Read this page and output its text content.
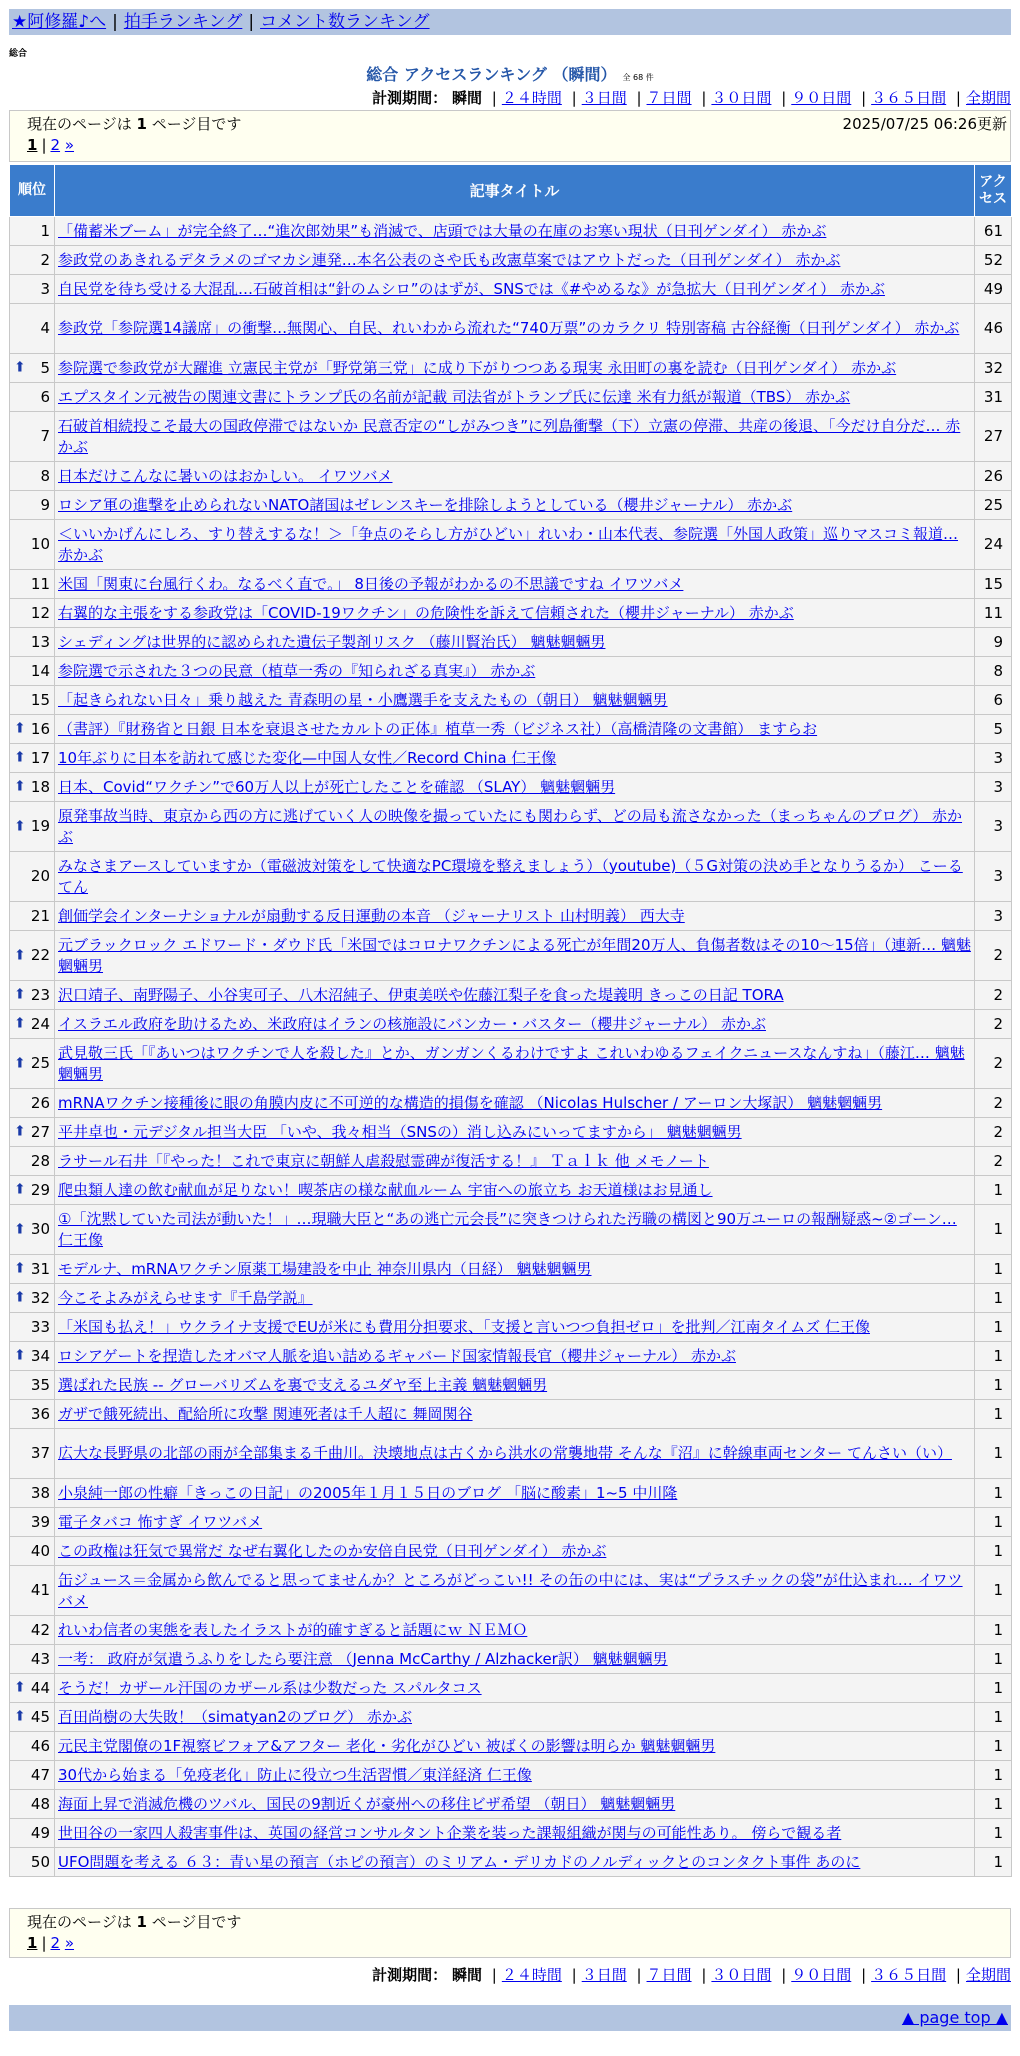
★阿修羅♪へ | 拍手ランキング | コメント数ランキング
総合
総合 アクセスランキング （瞬間） 全 68 件
計測期間： 瞬間 | ２４時間 | ３日間 | ７日間 | ３０日間 | ９０日間 | ３６５日間 | 全期間
現在のページは 1 ページ目です	2025/07/25 06:26更新
1 | 2 »
順位	記事タイトル	アクセス
1	「備蓄米ブーム」が完全終了…“進次郎効果”も消滅で、店頭では大量の在庫のお寒い現状（日刊ゲンダイ） 赤かぶ	61
2	参政党のあきれるデタラメのゴマカシ連発…本名公表のさや氏も改憲草案ではアウトだった（日刊ゲンダイ） 赤かぶ	52
3	自民党を待ち受ける大混乱…石破首相は“針のムシロ”のはずが、SNSでは《#やめるな》が急拡大（日刊ゲンダイ） 赤かぶ	49
4	参政党「参院選14議席」の衝撃…無関心、自民、れいわから流れた“740万票”のカラクリ 特別寄稿 古谷経衡（日刊ゲンダイ） 赤かぶ	46

⬆ 5	参院選で参政党が大躍進 立憲民主党が「野党第三党」に成り下がりつつある現実 永田町の裏を読む（日刊ゲンダイ） 赤かぶ	32
6	エプスタイン元被告の関連文書にトランプ氏の名前が記載 司法省がトランプ氏に伝達 米有力紙が報道（TBS） 赤かぶ	31
7	石破首相続投こそ最大の国政停滞ではないか 民意否定の“しがみつき”に列島衝撃（下）立憲の停滞、共産の後退、「今だけ自分だ… 赤かぶ	27
8	日本だけこんなに暑いのはおかしい。 イワツバメ	26
9	ロシア軍の進撃を止められないNATO諸国はゼレンスキーを排除しようとしている（櫻井ジャーナル） 赤かぶ	25
10	＜いいかげんにしろ、すり替えするな！＞「争点のそらし方がひどい」れいわ・山本代表、参院選「外国人政策」巡りマスコミ報道… 赤かぶ	24
11	米国「関東に台風行くわ。なるべく直で。」 8日後の予報がわかるの不思議ですね イワツバメ	15
12	右翼的な主張をする参政党は「COVID-19ワクチン」の危険性を訴えて信頼された（櫻井ジャーナル） 赤かぶ	11
13	シェディングは世界的に認められた遺伝子製剤リスク （藤川賢治氏） 魑魅魍魎男	9
14	参院選で示された３つの民意（植草一秀の『知られざる真実』） 赤かぶ	8
15	「起きられない日々」乗り越えた 青森明の星・小鷹選手を支えたもの（朝日） 魑魅魍魎男	6

⬆ 16	（書評）『財務省と日銀 日本を衰退させたカルトの正体』植草一秀（ビジネス社）（高橋清隆の文書館） ますらお	5

⬆ 17	10年ぶりに日本を訪れて感じた変化—中国人女性／Record China 仁王像	3

⬆ 18	日本、Covid“ワクチン”で60万人以上が死亡したことを確認 （SLAY） 魑魅魍魎男	3

⬆ 19	原発事故当時、東京から西の方に逃げていく人の映像を撮っていたにも関わらず、どの局も流さなかった（まっちゃんのブログ） 赤かぶ	3
20	みなさまアースしていますか（電磁波対策をして快適なPC環境を整えましょう）（youtube)（５G対策の決め手となりうるか） こーるてん	3
21	創価学会インターナショナルが扇動する反日運動の本音 （ジャーナリスト 山村明義） 西大寺	3

⬆ 22	元ブラックロック エドワード・ダウド氏「米国ではコロナワクチンによる死亡が年間20万人、負傷者数はその10～15倍」（連新… 魑魅魍魎男	2

⬆ 23	沢口靖子、南野陽子、小谷実可子、八木沼純子、伊東美咲や佐藤江梨子を食った堤義明 きっこの日記 TORA	2

⬆ 24	イスラエル政府を助けるため、米政府はイランの核施設にバンカー・バスター（櫻井ジャーナル） 赤かぶ	2

⬆ 25	武見敬三氏「『あいつはワクチンで人を殺した』とか、ガンガンくるわけですよ これいわゆるフェイクニュースなんすね」（藤江… 魑魅魍魎男	2
26	mRNAワクチン接種後に眼の角膜内皮に不可逆的な構造的損傷を確認 （Nicolas Hulscher / アーロン大塚訳） 魑魅魍魎男	2

⬆ 27	平井卓也・元デジタル担当大臣 「いや、我々相当（SNSの）消し込みにいってますから」 魑魅魍魎男	2
28	ラサール石井「『やった！これで東京に朝鮮人虐殺慰霊碑が復活する！』 Ｔａｌｋ 他 メモノート	2

⬆ 29	爬虫類人達の飲む献血が足りない！喫茶店の様な献血ルーム 宇宙への旅立ち お天道様はお見通し	1

⬆ 30	①「沈黙していた司法が動いた！」…現職大臣と“あの逃亡元会長”に突きつけられた汚職の構図と90万ユーロの報酬疑惑~②ゴーン… 仁王像	1

⬆ 31	モデルナ、mRNAワクチン原薬工場建設を中止 神奈川県内（日経） 魑魅魍魎男	1

⬆ 32	今こそよみがえらせます『千島学説』	1
33	「米国も払え！」ウクライナ支援でEUが米にも費用分担要求、「支援と言いつつ負担ゼロ」を批判／江南タイムズ 仁王像	1

⬆ 34	ロシアゲートを捏造したオバマ人脈を追い詰めるギャバード国家情報長官（櫻井ジャーナル） 赤かぶ	1
35	選ばれた民族 -- グローバリズムを裏で支えるユダヤ至上主義 魑魅魍魎男	1
36	ガザで餓死続出、配給所に攻撃 関連死者は千人超に 舞岡関谷	1
37	広大な長野県の北部の雨が全部集まる千曲川。決壊地点は古くから洪水の常襲地帯 そんな『沼』に幹線車両センター てんさい（い）	1
38	小泉純一郎の性癖「きっこの日記」の2005年１月１５日のブログ 「脳に酸素」1~5 中川隆	1
39	電子タバコ 怖すぎ イワツバメ	1
40	この政権は狂気で異常だ なぜ右翼化したのか安倍自民党（日刊ゲンダイ） 赤かぶ	1
41	缶ジュース＝金属から飲んでると思ってませんか？ところがどっこい!! その缶の中には、実は“プラスチックの袋”が仕込まれ… イワツバメ	1
42	れいわ信者の実態を表したイラストが的確すぎると話題にｗ ＮＥＭＯ	1
43	一考： 政府が気遣うふりをしたら要注意 （Jenna McCarthy / Alzhacker訳） 魑魅魍魎男	1

⬆ 44	そうだ！カザール汗国のカザール系は少数だった スパルタコス	1

⬆ 45	百田尚樹の大失敗！（simatyan2のブログ） 赤かぶ	1
46	元民主党閣僚の1F視察ビフォア&アフター 老化・劣化がひどい 被ばくの影響は明らか 魑魅魍魎男	1
47	30代から始まる「免疫老化」防止に役立つ生活習慣／東洋経済 仁王像	1
48	海面上昇で消滅危機のツバル、国民の9割近くが豪州への移住ビザ希望 （朝日） 魑魅魍魎男	1
49	世田谷の一家四人殺害事件は、英国の経営コンサルタント企業を装った課報組織が関与の可能性あり。 傍らで観る者	1
50	UFO問題を考える ６３：青い星の預言（ホピの預言）のミリアム・デリカドのノルディックとのコンタクト事件 あのに	1
現在のページは 1 ページ目です
1 | 2 »
計測期間： 瞬間 | ２４時間 | ３日間 | ７日間 | ３０日間 | ９０日間 | ３６５日間 | 全期間
▲ page top ▲
